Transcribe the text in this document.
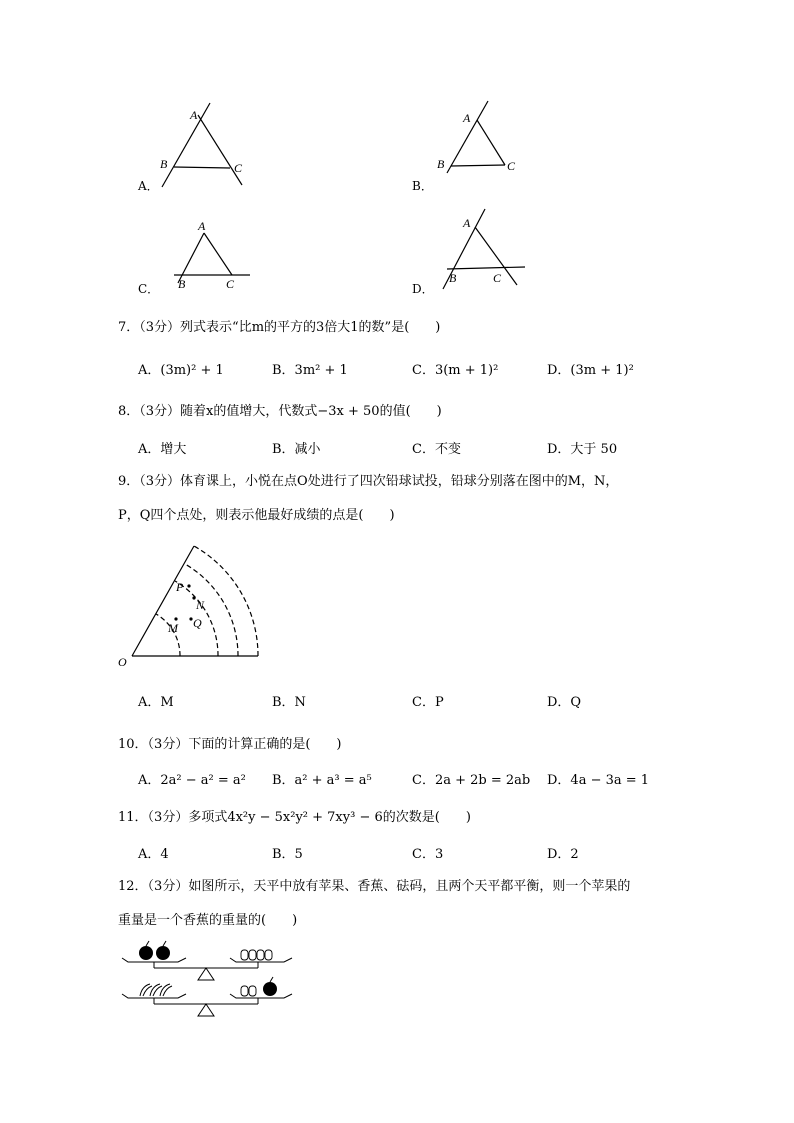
A．
A
B	C
B．
A
B	C
C．
A
B	C	D．
A
B	C
7．（3分）列式表示“比m的平方的3倍大1的数”是(　　)
A．(3m)² + 1	B．3m² + 1	C．3(m + 1)²	D．(3m + 1)²
8．（3分）随着x的值增大，代数式−3x + 50的值(　　)
A．增大	B．减小	C．不变	D．大于 50
9．（3分）体育课上，小悦在点O处进行了四次铅球试投，铅球分别落在图中的M，N，
P，Q四个点处，则表示他最好成绩的点是(　　)
O
P
N
Q
M
A．M	B．N	C．P	D．Q
10．（3分）下面的计算正确的是(　　)
A．2a² − a² = a² B．a² + a³ = a⁵	C．2a + 2b = 2ab D．4a − 3a = 1
11．（3分）多项式4x²y − 5x²y² + 7xy³ − 6的次数是(　　)
A．4	B．5	C．3	D．2
12．（3分）如图所示，天平中放有苹果、香蕉、砝码，且两个天平都平衡，则一个苹果的
重量是一个香蕉的重量的(　　)
